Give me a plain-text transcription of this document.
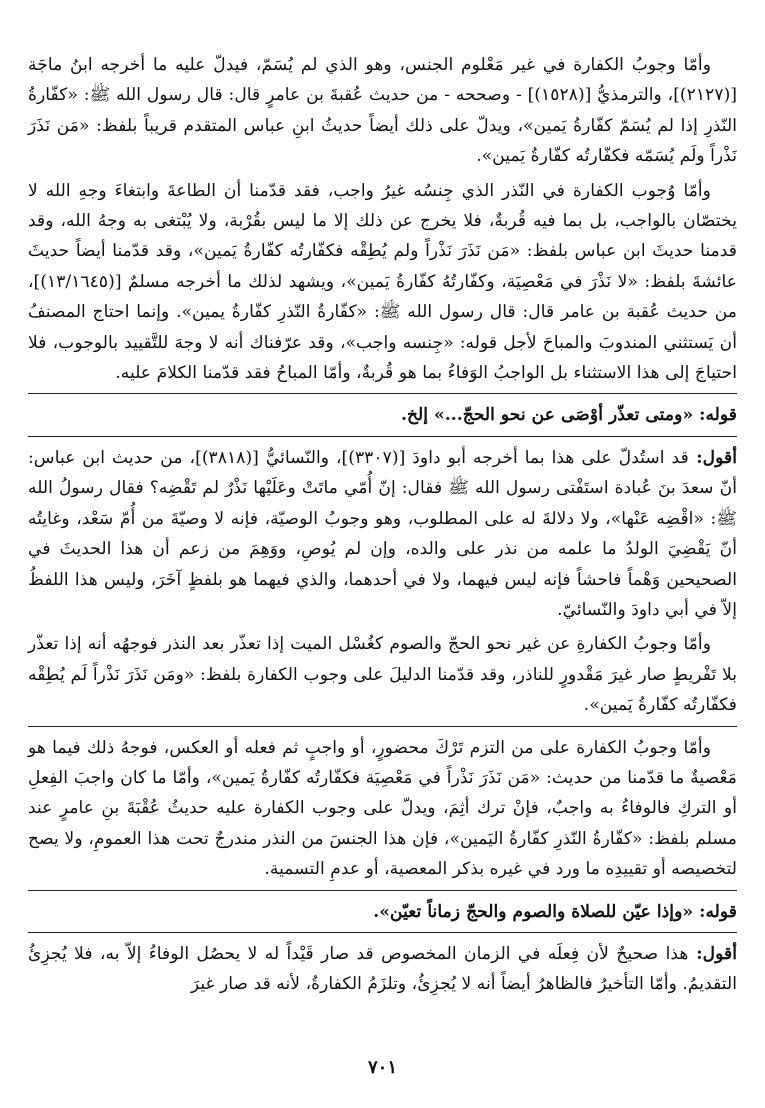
وأمّا وجوبُ الكفارة في غير مَعْلوم الجنس، وهو الذي لم يُسَمّ، فيدلّ عليه ما أخرجه ابنُ ماجَة [(٢١٢٧)]، والترمذيُّ [(١٥٢٨)] - وصححه - من حديث عُقبةَ بن عامرٍ قال: قال رسول الله ﷺ: «كفّارةُ النّذرِ إذا لم يُسَمّ كفّارةُ يَمين»، ويدلّ على ذلك أيضاً حديثُ ابنِ عباس المتقدم قريباً بلفظ: «مَن نَذَرَ نَذْراً ولَم يُسَمّه فكفّارتُه كفّارةُ يَمين».

وأمّا وُجوب الكفارة في النّذر الذي جِنسُه غيرُ واجب، فقد قدّمنا أن الطاعةَ وابتغاءَ وجهِ الله لا يختصّان بالواجب، بل بما فيه قُربةٌ، فلا يخرج عن ذلك إلا ما ليس بقُرْبة، ولا يُبْتغى به وجهُ الله، وقد قدمنا حديثَ ابن عباس بلفظ: «مَن نَذَرَ نَذْراً ولم يُطِقْه فكفّارتُه كفّارةُ يَمين»، وقد قدّمنا أيضاً حديثَ عائشةَ بلفظ: «لا نَذْرَ في مَعْصِيَة، وكفّارتُهُ كفّارةُ يَمين»، ويشهد لذلك ما أخرجه مسلمٌ [(١٣/١٦٤٥)]، من حديث عُقبة بن عامر قال: قال رسول الله ﷺ: «كفّارةُ النّذرِ كفّارةُ يمين». وإنما احتاج المصنفُ أن يَستثني المندوبَ والمباحَ لأجل قوله: «جِنسه واجب»، وقد عرّفناك أنه لا وجهَ للتَّقييد بالوجوب، فلا احتياجَ إلى هذا الاستثناء بل الواجبُ الوَفاءُ بما هو قُربةٌ، وأمّا المباحُ فقد قدّمنا الكلامَ عليه.

قوله: «ومتى تعذّر أوْصَى عن نحو الحجّ...» إلخ.

أقول: قد استُدلّ على هذا بما أخرجه أبو داودَ [(٣٣٠٧)]، والنّسائيُّ [(٣٨١٨)]، من حديث ابن عباس: أنّ سعدَ بنَ عُبادة استَفْتى رسول الله ﷺ فقال: إنّ أُمّي ماتَتْ وعَلَيْها نَذْرٌ لم تَقْضِه؟ فقال رسولُ الله ﷺ: «اقْضِه عَنْها»، ولا دلالةَ له على المطلوب، وهو وجوبُ الوصيّة، فإنه لا وصيّةَ من أُمّ سَعْد، وغايتُه أنّ يَقْضِيَ الولدُ ما علمه من نذر على والده، وإن لم يُوصِ، ووَهِمَ من زعم أن هذا الحديثَ في الصحيحين وَهْماً فاحشاً فإنه ليس فيهما، ولا في أحدهما، والذي فيهما هو بلفظٍ آخَرَ، وليس هذا اللفظُ إلاّ في أبي داودَ والنّسائيّ.

وأمّا وجوبُ الكفارةِ عن غير نحو الحجّ والصوم كغُسْل الميت إذا تعذّر بعد النذر فوجهُه أنه إذا تعذّر بلا تَفْريطٍ صار غيرَ مَقْدورٍ للناذر، وقد قدّمنا الدليلَ على وجوب الكفارة بلفظ: «ومَن نَذَرَ نَذْراً لَم يُطِقْه فكفّارتُه كفّارةُ يَمين».

وأمّا وجوبُ الكفارة على من التزم تَرْكَ محضورٍ، أو واجبٍ ثم فعله أو العكس، فوجهُ ذلك فيما هو مَعْصيةٌ ما قدّمنا من حديث: «مَن نَذَرَ نَذْراً في مَعْصِيَة فكفّارتُه كفّارةُ يَمين»، وأمّا ما كان واجبَ الفِعلِ أو التركِ فالوفاءُ به واجبٌ، فإنْ ترك أثِمَ، ويدلّ على وجوب الكفارة عليه حديثُ عُقْبَةَ بنِ عامرٍ عند مسلم بلفظ: «كفّارةُ النّذرِ كفّارةُ اليَمين»، فإن هذا الجنسَ من النذر مندرجٌ تحت هذا العمومِ، ولا يصح لتخصيصه أو تقييدِه ما ورد في غيره بذكر المعصية، أو عدمِ التسمية.

قوله: «وإذا عيّن للصلاة والصوم والحجّ زماناً تعيّن».

أقول: هذا صحيحٌ لأن فِعلَه في الزمان المخصوص قد صار قَيْداً له لا يحصُل الوفاءُ إلاّ به، فلا يُجزِئُ التقديمُ. وأمّا التأخيرُ فالظاهرُ أيضاً أنه لا يُجزِئُ، وتلزَمُ الكفارةُ، لأنه قد صار غيرَ

٧٠١
